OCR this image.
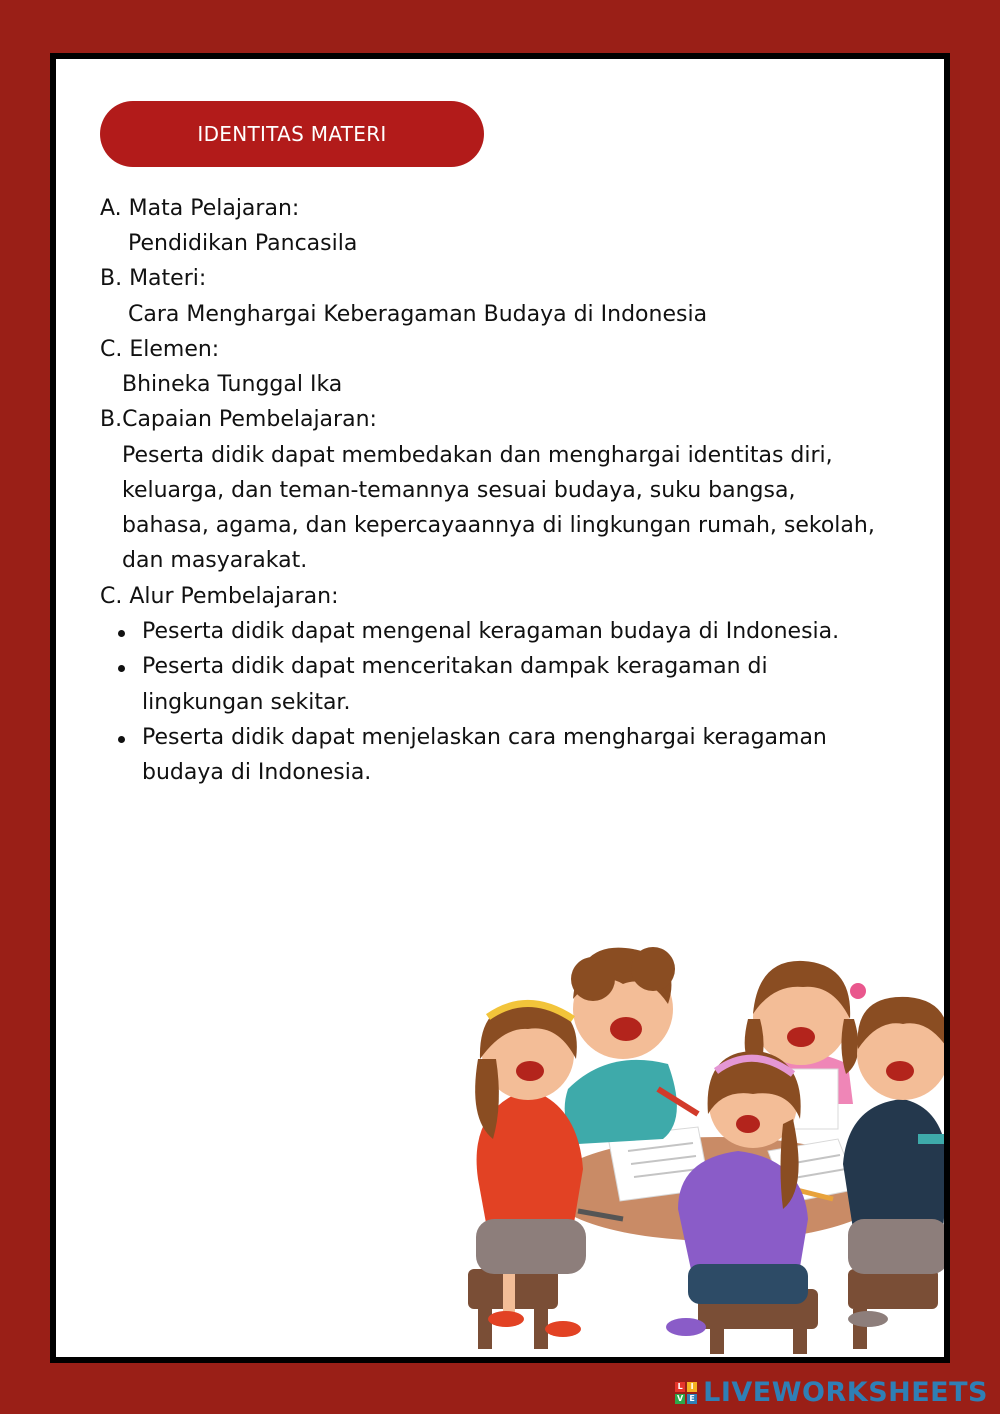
IDENTITAS MATERI
A. Mata Pelajaran:
Pendidikan Pancasila
B. Materi:
Cara Menghargai Keberagaman Budaya di Indonesia
C. Elemen:
Bhineka Tunggal Ika
B.Capaian Pembelajaran:
Peserta didik dapat membedakan dan menghargai identitas diri,
keluarga, dan teman-temannya sesuai budaya, suku bangsa,
bahasa, agama, dan kepercayaannya di lingkungan rumah, sekolah,
dan masyarakat.
C. Alur Pembelajaran:
Peserta didik dapat mengenal keragaman budaya di Indonesia.
Peserta didik dapat menceritakan dampak keragaman di
lingkungan sekitar.
Peserta didik dapat menjelaskan cara menghargai keragaman
budaya di Indonesia.
L I
V E LIVEWORKSHEETS
